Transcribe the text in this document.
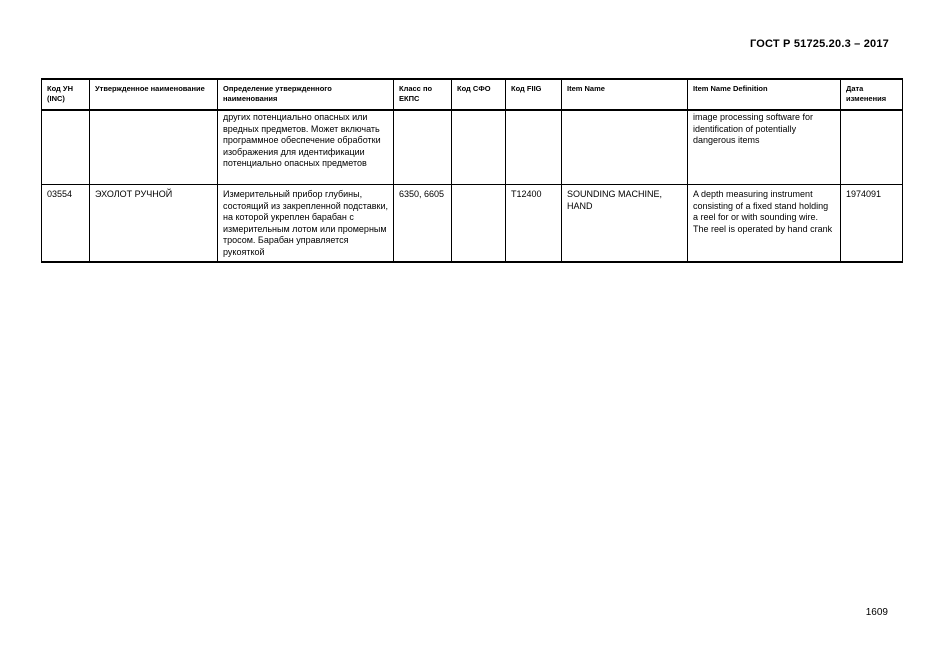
ГОСТ Р 51725.20.3 – 2017
Код УН (INC)	Утвержденное наименование	Определение утвержденного наименования	Класс по ЕКПС	Код СФО	Код FIIG	Item Name	Item Name Definition	Дата изменения
		других потенциально опасных или вредных предметов. Может включать программное обеспечение обработки изображения для идентификации потенциально опасных предметов					image processing software for identification of potentially dangerous items	
03554	ЭХОЛОТ РУЧНОЙ	Измерительный прибор глубины, состоящий из закрепленной подставки, на которой укреплен барабан с измерительным лотом или промерным тросом. Барабан управляется рукояткой	6350, 6605		T12400	SOUNDING MACHINE, HAND	A depth measuring instrument consisting of a fixed stand holding a reel for or with sounding wire. The reel is operated by hand crank	1974091
1609
